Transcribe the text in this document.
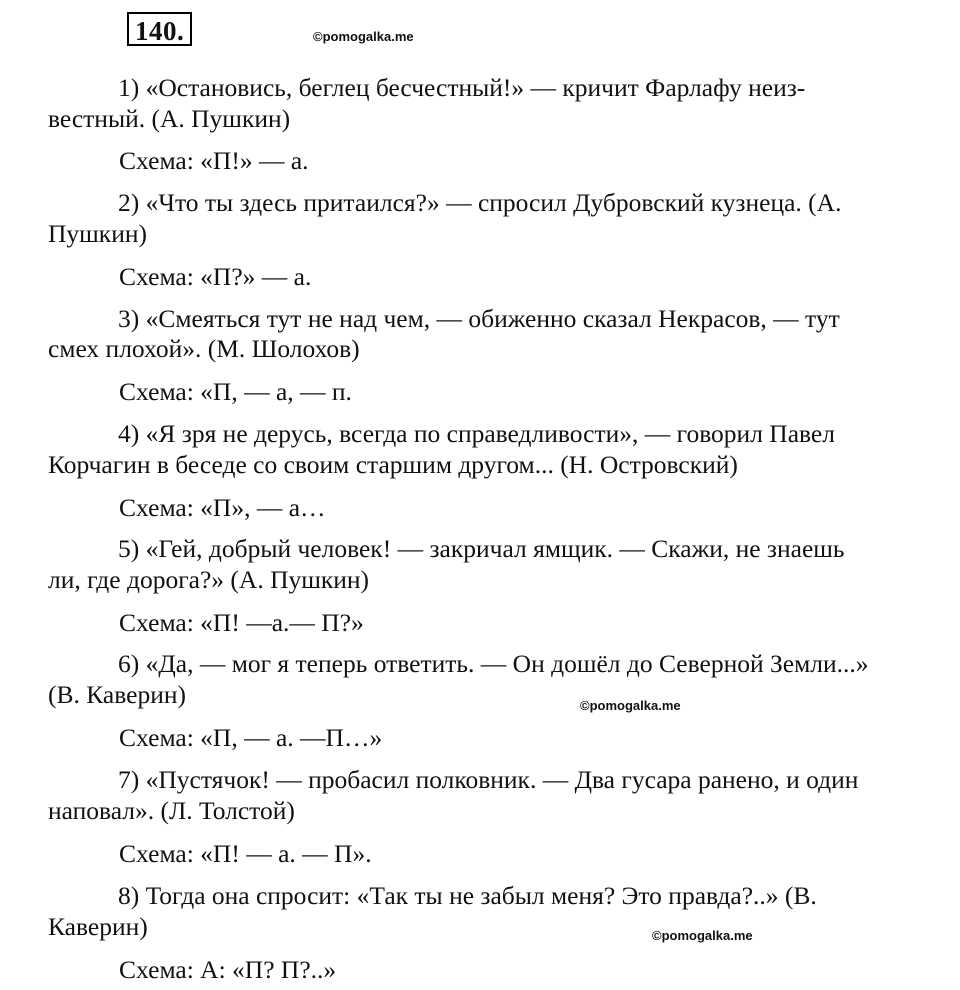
140.	©pomogalka.me
©pomogalka.me
©pomogalka.me
1) «Остановись, беглец бесчестный!» — кричит Фарлафу неиз-
вестный. (А. Пушкин)
Схема: «П!» — а.
2) «Что ты здесь притаился?» — спросил Дубровский кузнеца. (А.
Пушкин)
Схема: «П?» — а.
3) «Смеяться тут не над чем, — обиженно сказал Некрасов, — тут
смех плохой». (М. Шолохов)
Схема: «П, — а, — п.
4) «Я зря не дерусь, всегда по справедливости», — говорил Павел
Корчагин в беседе со своим старшим другом... (Н. Островский)
Схема: «П», — а…
5) «Гей, добрый человек! — закричал ямщик. — Скажи, не знаешь
ли, где дорога?» (А. Пушкин)
Схема: «П! —а.— П?»
6) «Да, — мог я теперь ответить. — Он дошёл до Северной Земли...»
(В. Каверин)
Схема: «П, — а. —П…»
7) «Пустячок! — пробасил полковник. — Два гусара ранено, и один
наповал». (Л. Толстой)
Схема: «П! — а. — П».
8) Тогда она спросит: «Так ты не забыл меня? Это правда?..» (В.
Каверин)
Схема: А: «П? П?..»
